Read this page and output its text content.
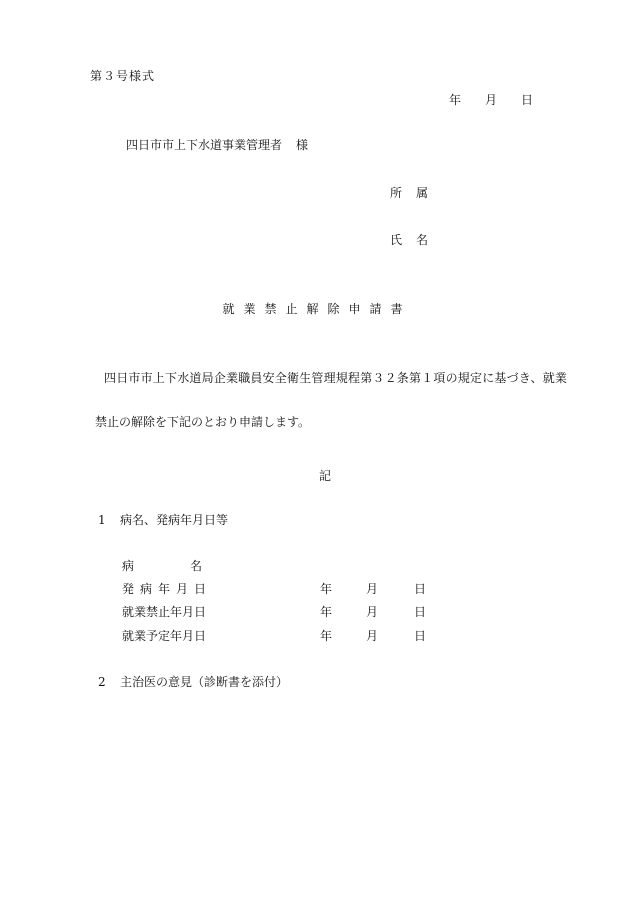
第３号様式
年 月 日
四日市市上下水道事業管理者 様
所属
氏名
就業禁止解除申請書
四日市市上下水道局企業職員安全衛生管理規程第３２条第１項の規定に基づき、就業
禁止の解除を下記のとおり申請します。
記
1 病名、発病年月日等
病名
発病年月日	年	月	日
就業禁止年月日	年	月	日
就業予定年月日	年	月	日
2 主治医の意見（診断書を添付）
